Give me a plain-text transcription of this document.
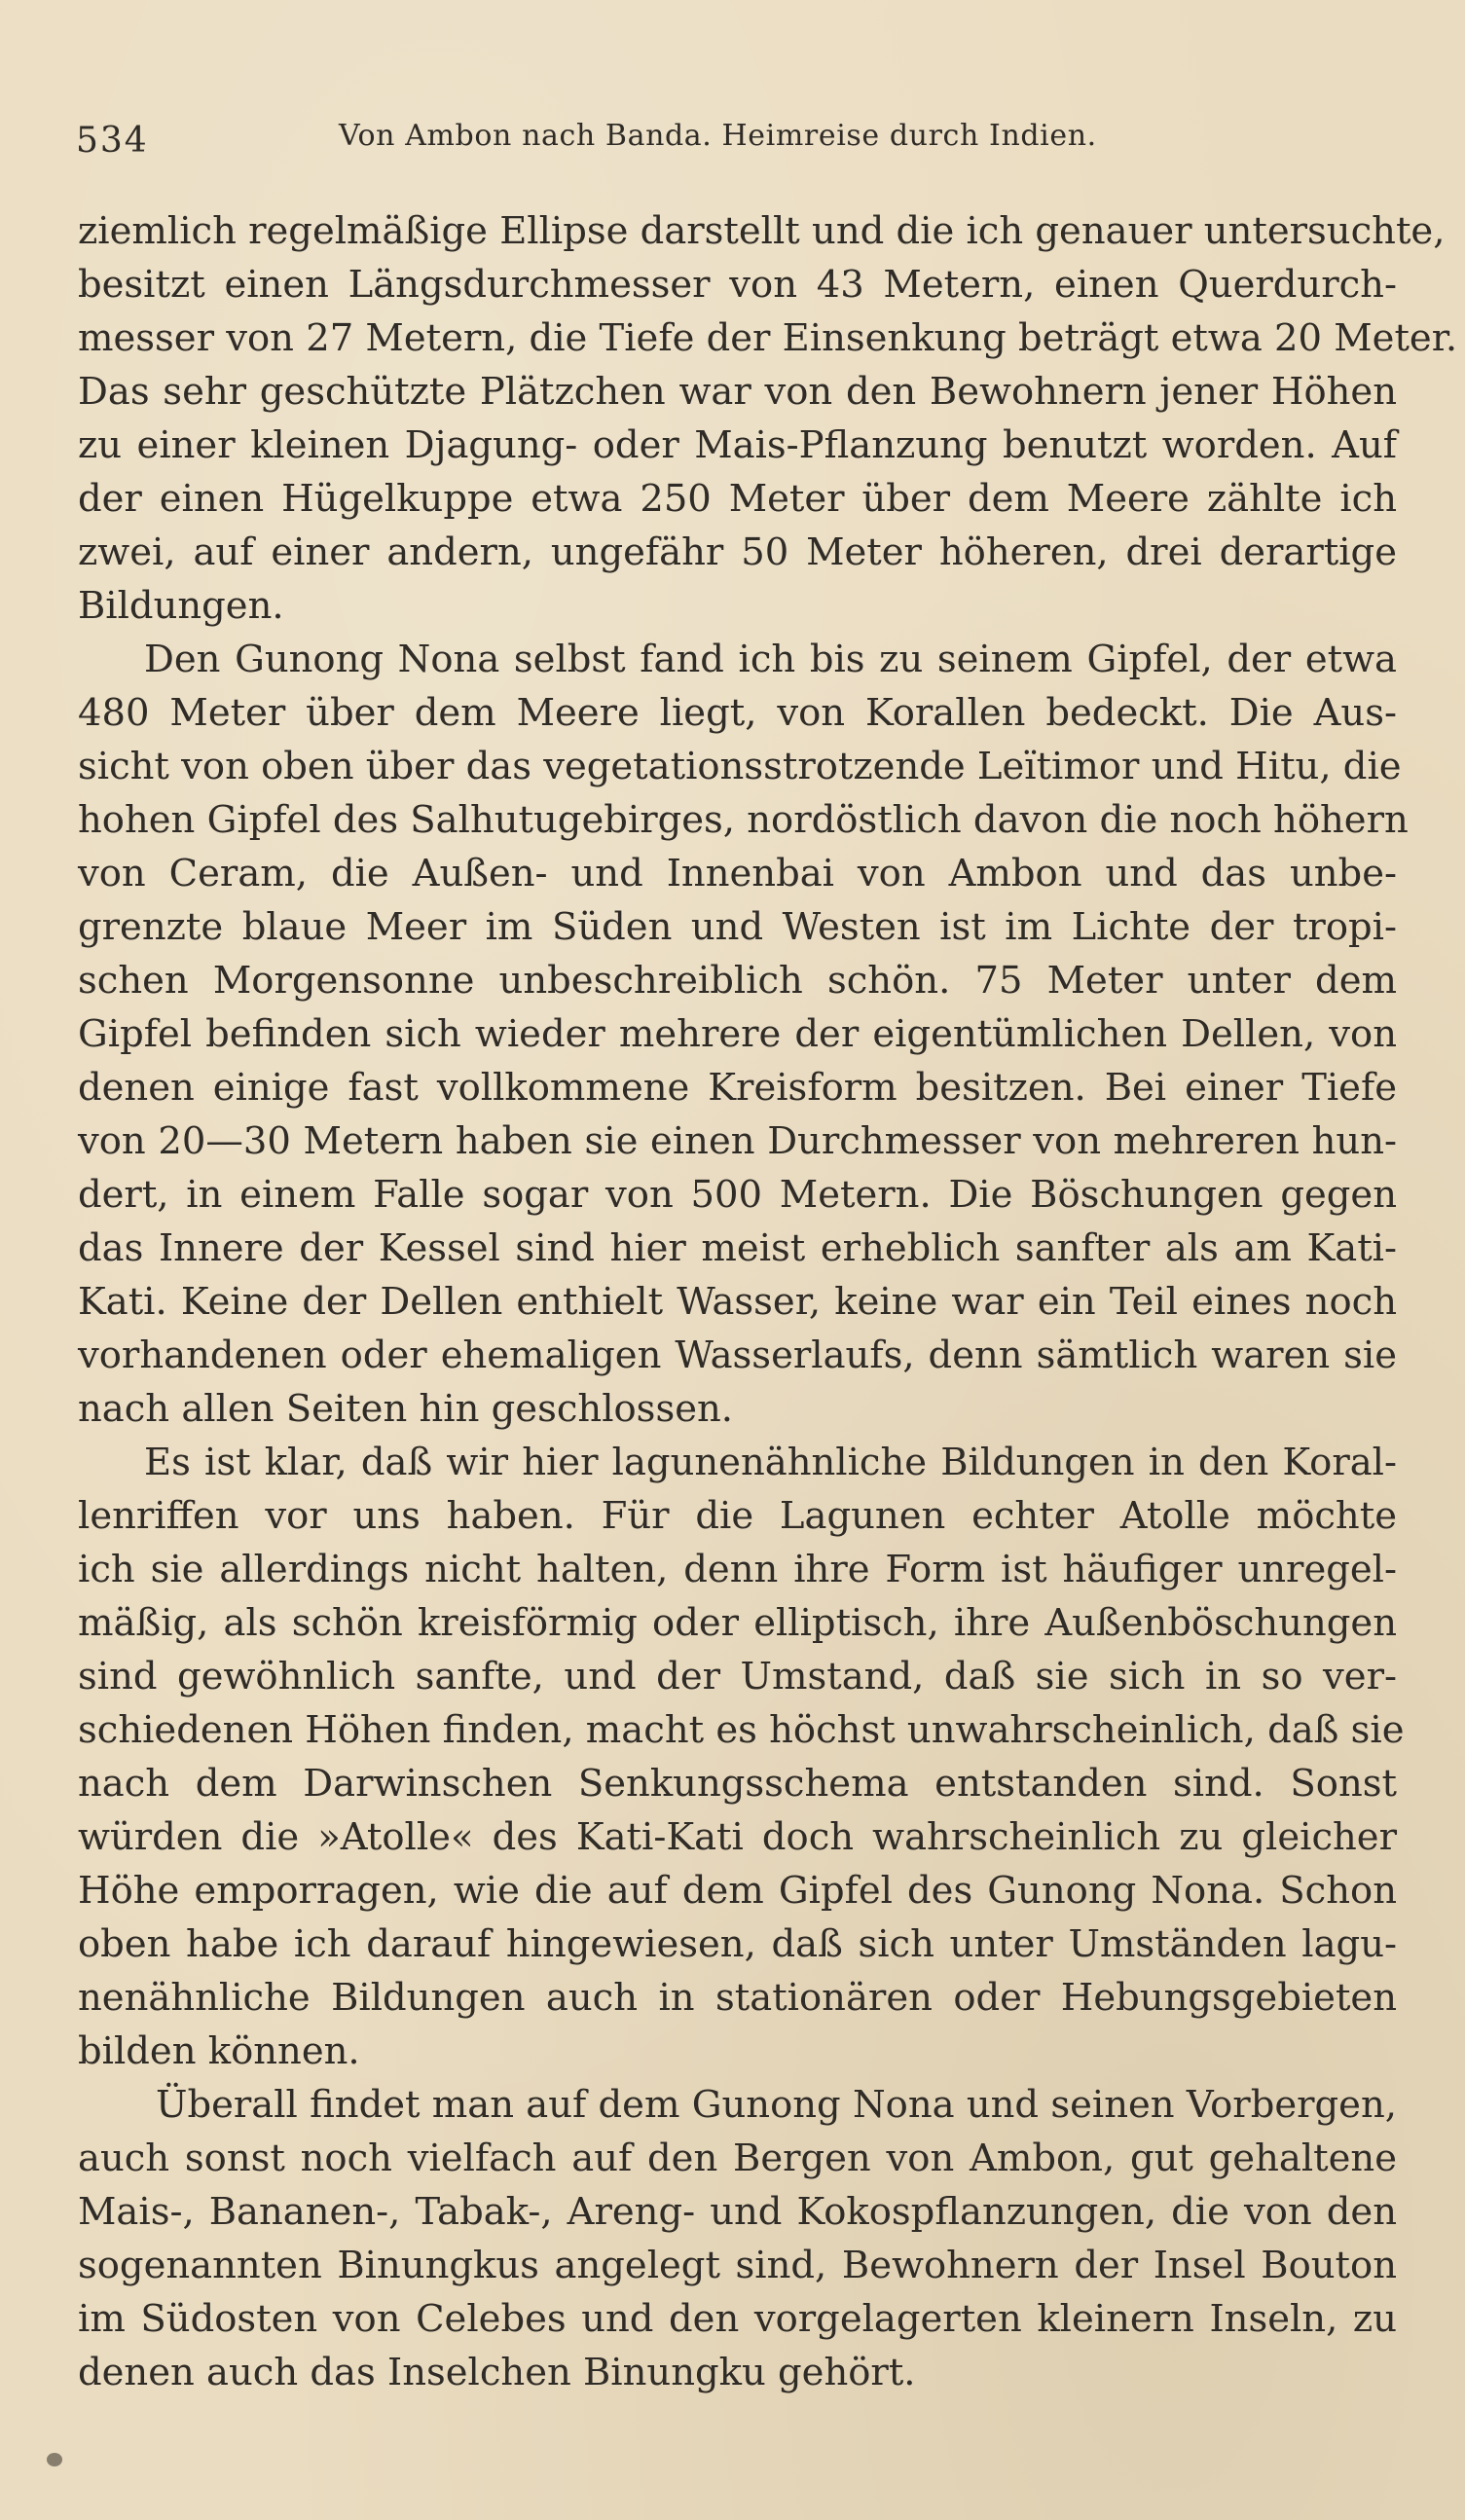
534	Von Ambon nach Banda. Heimreise durch Indien.
ziemlich regelmäßige Ellipse darstellt und die ich genauer untersuchte,
besitzt einen Längsdurchmesser von 43 Metern, einen Querdurch-
messer von 27 Metern, die Tiefe der Einsenkung beträgt etwa 20 Meter.
Das sehr geschützte Plätzchen war von den Bewohnern jener Höhen
zu einer kleinen Djagung- oder Mais-Pflanzung benutzt worden. Auf
der einen Hügelkuppe etwa 250 Meter über dem Meere zählte ich
zwei, auf einer andern, ungefähr 50 Meter höheren, drei derartige
Bildungen.
Den Gunong Nona selbst fand ich bis zu seinem Gipfel, der etwa
480 Meter über dem Meere liegt, von Korallen bedeckt. Die Aus-
sicht von oben über das vegetationsstrotzende Leïtimor und Hitu, die
hohen Gipfel des Salhutugebirges, nordöstlich davon die noch höhern
von Ceram, die Außen- und Innenbai von Ambon und das unbe-
grenzte blaue Meer im Süden und Westen ist im Lichte der tropi-
schen Morgensonne unbeschreiblich schön. 75 Meter unter dem
Gipfel befinden sich wieder mehrere der eigentümlichen Dellen, von
denen einige fast vollkommene Kreisform besitzen. Bei einer Tiefe
von 20—30 Metern haben sie einen Durchmesser von mehreren hun-
dert, in einem Falle sogar von 500 Metern. Die Böschungen gegen
das Innere der Kessel sind hier meist erheblich sanfter als am Kati-
Kati. Keine der Dellen enthielt Wasser, keine war ein Teil eines noch
vorhandenen oder ehemaligen Wasserlaufs, denn sämtlich waren sie
nach allen Seiten hin geschlossen.
Es ist klar, daß wir hier lagunenähnliche Bildungen in den Koral-
lenriffen vor uns haben. Für die Lagunen echter Atolle möchte
ich sie allerdings nicht halten, denn ihre Form ist häufiger unregel-
mäßig, als schön kreisförmig oder elliptisch, ihre Außenböschungen
sind gewöhnlich sanfte, und der Umstand, daß sie sich in so ver-
schiedenen Höhen finden, macht es höchst unwahrscheinlich, daß sie
nach dem Darwinschen Senkungsschema entstanden sind. Sonst
würden die »Atolle« des Kati-Kati doch wahrscheinlich zu gleicher
Höhe emporragen, wie die auf dem Gipfel des Gunong Nona. Schon
oben habe ich darauf hingewiesen, daß sich unter Umständen lagu-
nenähnliche Bildungen auch in stationären oder Hebungsgebieten
bilden können.
Überall findet man auf dem Gunong Nona und seinen Vorbergen,
auch sonst noch vielfach auf den Bergen von Ambon, gut gehaltene
Mais-, Bananen-, Tabak-, Areng- und Kokospflanzungen, die von den
sogenannten Binungkus angelegt sind, Bewohnern der Insel Bouton
im Südosten von Celebes und den vorgelagerten kleinern Inseln, zu
denen auch das Inselchen Binungku gehört.
